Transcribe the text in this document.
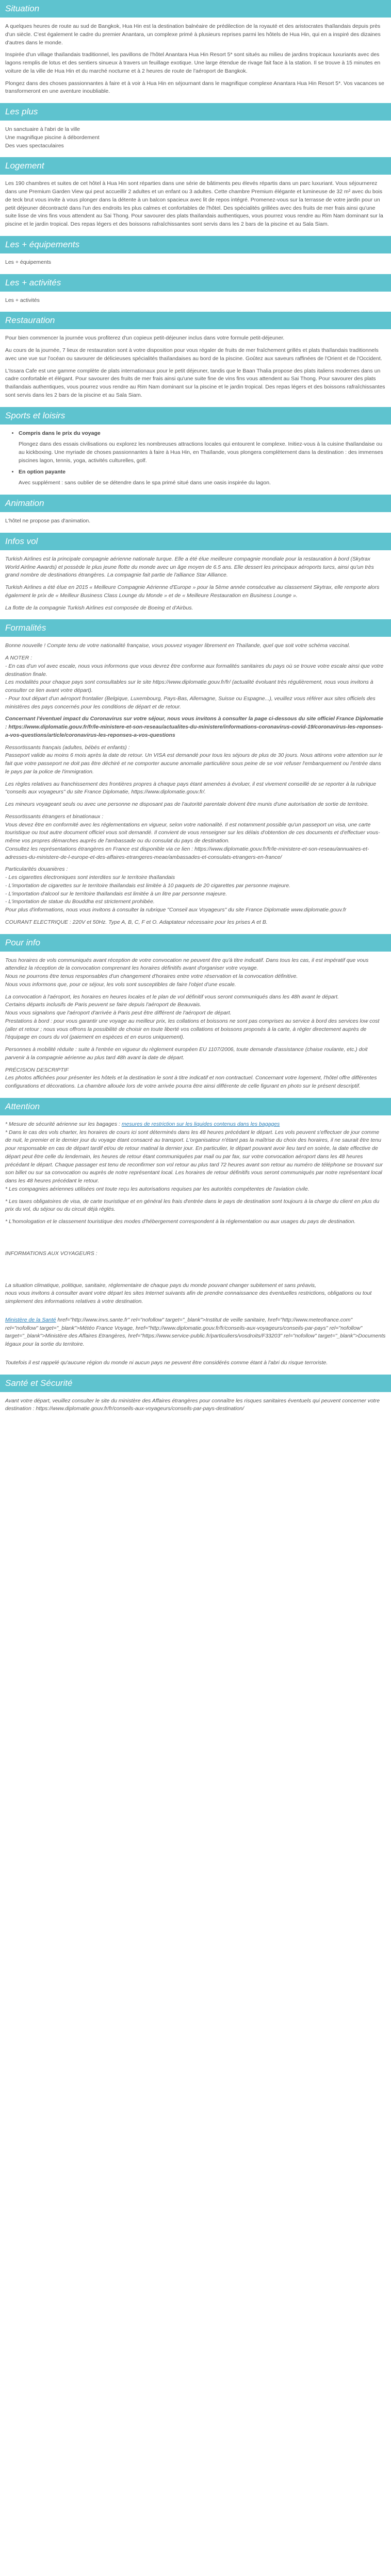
Situation

A quelques heures de route au sud de Bangkok, Hua Hin est la destination balnéaire de prédilection de la royauté et des aristocrates thaïlandais depuis près d'un siècle. C'est également le cadre du premier Anantara, un complexe primé à plusieurs reprises parmi les hôtels de Hua Hin, qui en a inspiré des dizaines d'autres dans le monde.

Inspirée d'un village thaïlandais traditionnel, les pavillons de l'hôtel Anantara Hua Hin Resort 5* sont situés au milieu de jardins tropicaux luxuriants avec des lagons remplis de lotus et des sentiers sinueux à travers un feuillage exotique. Une large étendue de rivage fait face à la station. Il se trouve à 15 minutes en voiture de la ville de Hua Hin et du marché nocturne et à 2 heures de route de l'aéroport de Bangkok.

Plongez dans des choses passionnantes à faire et à voir à Hua Hin en séjournant dans le magnifique complexe Anantara Hua Hin Resort 5*. Vos vacances se transformeront en une aventure inoubliable.

Les plus
Un sanctuaire à l'abri de la ville
Une magnifique piscine à débordement
Des vues spectaculaires
Logement

Les 190 chambres et suites de cet hôtel à Hua Hin sont réparties dans une série de bâtiments peu élevés répartis dans un parc luxuriant. Vous séjournerez dans une Premium Garden View qui peut accueillir 2 adultes et un enfant ou 3 adultes. Cette chambre Premium élégante et lumineuse de 32 m² avec du bois de teck brut vous invite à vous plonger dans la détente à un balcon spacieux avec lit de repos intégré. Promenez-vous sur la terrasse de votre jardin pour un petit déjeuner décontracté dans l'un des endroits les plus calmes et confortables de l'hôtel. Des spécialités grillées avec des fruits de mer frais ainsi qu'une suite lisse de vins fins vous attendent au Sai Thong. Pour savourer des plats thaïlandais authentiques, vous pourrez vous rendre au Rim Nam dominant sur la piscine et le jardin tropical. Des repas légers et des boissons rafraîchissantes sont servis dans les 2 bars de la piscine et au Sala Siam.

Les + équipements

Les + équipements

Les + activités

Les + activités

Restauration

Pour bien commencer la journée vous profiterez d'un copieux petit-déjeuner inclus dans votre formule petit-déjeuner.

Au cours de la journée, 7 lieux de restauration sont à votre disposition pour vous régaler de fruits de mer fraîchement grillés et plats thaïlandais traditionnels avec une vue sur l'océan ou savourer de délicieuses spécialités thaïlandaises au bord de la piscine. Goûtez aux saveurs raffinées de l'Orient et de l'Occident.

L'Issara Cafe est une gamme complète de plats internationaux pour le petit déjeuner, tandis que le Baan Thalia propose des plats italiens modernes dans un cadre confortable et élégant. Pour savourer des fruits de mer frais ainsi qu'une suite fine de vins fins vous attendent au Sai Thong. Pour savourer des plats thaïlandais authentiques, vous pourrez vous rendre au Rim Nam dominant sur la piscine et le jardin tropical. Des repas légers et des boissons rafraîchissantes sont servis dans les 2 bars de la piscine et au Sala Siam.

Sports et loisirs
• Compris dans le prix du voyage

Plongez dans des essais civilisations ou explorez les nombreuses attractions locales qui entourent le complexe. Initiez-vous à la cuisine thaïlandaise ou au kickboxing. Une myriade de choses passionnantes à faire à Hua Hin, en Thaïlande, vous plongera complètement dans la destination : des immenses piscines lagon, tennis, yoga, activités culturelles, golf.

• En option payante

Avec supplément : sans oublier de se détendre dans le spa primé situé dans une oasis inspirée du lagon.

Animation

L'hôtel ne propose pas d'animation.

Infos vol

Turkish Airlines est la principale compagnie aérienne nationale turque. Elle a été élue meilleure compagnie mondiale pour la restauration à bord (Skytrax World Airline Awards) et possède le plus jeune flotte du monde avec un âge moyen de 6.5 ans. Elle dessert les principaux aéroports turcs, ainsi qu'un très grand nombre de destinations étrangères. La compagnie fait partie de l'alliance Star Alliance.

Turkish Airlines a été élue en 2015 « Meilleure Compagnie Aérienne d'Europe » pour la 5ème année consécutive au classement Skytrax, elle remporte alors également le prix de « Meilleur Business Class Lounge du Monde » et de « Meilleure Restauration en Business Lounge ».

La flotte de la compagnie Turkish Airlines est composée de Boeing et d'Airbus.

Formalités

Bonne nouvelle ! Compte tenu de votre nationalité française, vous pouvez voyager librement en Thaïlande, quel que soit votre schéma vaccinal.

A NOTER :
- En cas d'un vol avec escale, nous vous informons que vous devrez être conforme aux formalités sanitaires du pays où se trouve votre escale ainsi que votre destination finale.
Les modalités pour chaque pays sont consultables sur le site https://www.diplomatie.gouv.fr/fr/ (actualité évoluant très régulièrement, nous vous invitons à consulter ce lien avant votre départ).
- Pour tout départ d'un aéroport frontalier (Belgique, Luxembourg, Pays-Bas, Allemagne, Suisse ou Espagne...), veuillez vous référer aux sites officiels des ministères des pays concernés pour les conditions de départ et de retour.

Concernant l'éventuel impact du Coronavirus sur votre séjour, nous vous invitons à consulter la page ci-dessous du site officiel France Diplomatie : https://www.diplomatie.gouv.fr/fr/le-ministere-et-son-reseau/actualites-du-ministere/informations-coronavirus-covid-19/coronavirus-les-reponses-a-vos-questions/article/coronavirus-les-reponses-a-vos-questions

Ressortissants français (adultes, bébés et enfants) :
Passeport valide au moins 6 mois après la date de retour. Un VISA est demandé pour tous les séjours de plus de 30 jours. Nous attirons votre attention sur le fait que votre passeport ne doit pas être déchiré et ne comporter aucune anomalie particulière sous peine de se voir refuser l'embarquement ou l'entrée dans le pays par la police de l'immigration.

Les règles relatives au franchissement des frontières propres à chaque pays étant amenées à évoluer, il est vivement conseillé de se reporter à la rubrique "conseils aux voyageurs" du site France Diplomatie, https://www.diplomatie.gouv.fr/.

Les mineurs voyageant seuls ou avec une personne ne disposant pas de l'autorité parentale doivent être munis d'une autorisation de sortie de territoire.

Ressortissants étrangers et binationaux :
Vous devez être en conformité avec les réglementations en vigueur, selon votre nationalité. Il est notamment possible qu'un passeport un visa, une carte touristique ou tout autre document officiel vous soit demandé. Il convient de vous renseigner sur les délais d'obtention de ces documents et d'effectuer vous-même vos propres démarches auprès de l'ambassade ou du consulat du pays de destination.
Consultez les représentations étrangères en France est disponible via ce lien : https://www.diplomatie.gouv.fr/fr/le-ministere-et-son-reseau/annuaires-et-adresses-du-ministere-de-l-europe-et-des-affaires-etrangeres-meae/ambassades-et-consulats-etrangers-en-france/

Particularités douanières :
- Les cigarettes électroniques sont interdites sur le territoire thaïlandais
- L'importation de cigarettes sur le territoire thaïlandais est limitée à 10 paquets de 20 cigarettes par personne majeure.
- L'importation d'alcool sur le territoire thaïlandais est limitée à un litre par personne majeure.
- L'importation de statue du Bouddha est strictement prohibée.
Pour plus d'informations, nous vous invitons à consulter la rubrique "Conseil aux Voyageurs" du site France Diplomatie www.diplomatie.gouv.fr

COURANT ELECTRIQUE : 220V et 50Hz. Type A, B, C, F et O. Adaptateur nécessaire pour les prises A et B.

Pour info

Tous horaires de vols communiqués avant réception de votre convocation ne peuvent être qu'à titre indicatif. Dans tous les cas, il est impératif que vous attendiez la réception de la convocation comprenant les horaires définitifs avant d'organiser votre voyage.
Nous ne pourrons être tenus responsables d'un changement d'horaires entre votre réservation et la convocation définitive.
Nous vous informons que, pour ce séjour, les vols sont susceptibles de faire l'objet d'une escale.

La convocation à l'aéroport, les horaires en heures locales et le plan de vol définitif vous seront communiqués dans les 48h avant le départ.
Certains départs inclusifs de Paris peuvent se faire depuis l'aéroport de Beauvais.
Nous vous signalons que l'aéroport d'arrivée à Paris peut être différent de l'aéroport de départ.
Prestations à bord : pour vous garantir une voyage au meilleur prix, les collations et boissons ne sont pas comprises au service à bord des services low cost (aller et retour ; nous vous offrons la possibilité de choisir en toute liberté vos collations et boissons proposés à la carte, à régler directement auprès de l'équipage en cours du vol (paiement en espèces et en euros uniquement).

Personnes à mobilité réduite : suite à l'entrée en vigueur du règlement européen EU 1107/2006, toute demande d'assistance (chaise roulante, etc.) doit parvenir à la compagnie aérienne au plus tard 48h avant la date de départ.

PRÉCISION DESCRIPTIF
Les photos affichées pour présenter les hôtels et la destination le sont à titre indicatif et non contractuel. Concernant votre logement, l'hôtel offre différentes configurations et décorations. La chambre allouée lors de votre arrivée pourra être ainsi différente de celle figurant en photo sur le présent descriptif.

Attention

* Mesure de sécurité aérienne sur les bagages : mesures de restriction sur les liquides contenus dans les bagages
* Dans le cas des vols charter, les horaires de cours ici sont déterminés dans les 48 heures précédant le départ. Les vols peuvent s'effectuer de jour comme de nuit, le premier et le dernier jour du voyage étant consacré au transport. L'organisateur n'étant pas la maîtrise du choix des horaires, il ne saurait être tenu pour responsable en cas de départ tardif et/ou de retour matinal la dernier jour. En particulier, le départ pouvant avoir lieu tard en soirée, la date effective de départ peut être celle du lendemain, les heures de retour étant communiquées par mail ou par fax, sur votre convocation aéroport dans les 48 heures précédant le départ. Chaque passager est tenu de reconfirmer son vol retour au plus tard 72 heures avant son retour au numéro de téléphone se trouvant sur son billet ou sur sa convocation ou auprès de notre représentant local. Les horaires de retour définitifs vous seront communiqués par notre représentant local dans les 48 heures précédant le retour.
* Les compagnies aériennes utilisées ont toute reçu les autorisations requises par les autorités compétentes de l'aviation civile.

* Les taxes obligatoires de visa, de carte touristique et en général les frais d'entrée dans le pays de destination sont toujours à la charge du client en plus du prix du vol, du séjour ou du circuit déjà réglés.

* L'homologation et le classement touristique des modes d'hébergement correspondent à la réglementation ou aux usages du pays de destination.

INFORMATIONS AUX VOYAGEURS :

La situation climatique, politique, sanitaire, réglementaire de chaque pays du monde pouvant changer subitement et sans préavis,
nous vous invitons à consulter avant votre départ les sites Internet suivants afin de prendre connaissance des éventuelles restrictions, obligations ou tout simplement des informations relatives à votre destination.

Ministère de la Santé href="http://www.invs.sante.fr" rel="nofollow" target="_blank">Institut de veille sanitaire, href="http://www.meteofrance.com" rel="nofollow" target="_blank">Météo France Voyage, href="http://www.diplomatie.gouv.fr/fr/conseils-aux-voyageurs/conseils-par-pays" rel="nofollow" target="_blank">Ministère des Affaires Etrangères, href="https://www.service-public.fr/particuliers/vosdroits/F33203" rel="nofollow" target="_blank">Documents légaux pour la sortie du territoire.

Toutefois il est rappelé qu'aucune région du monde ni aucun pays ne peuvent être considérés comme étant à l'abri du risque terroriste.

Santé et Sécurité

Avant votre départ, veuillez consulter le site du ministère des Affaires étrangères pour connaître les risques sanitaires éventuels qui peuvent concerner votre destination : https://www.diplomatie.gouv.fr/fr/conseils-aux-voyageurs/conseils-par-pays-destination/
